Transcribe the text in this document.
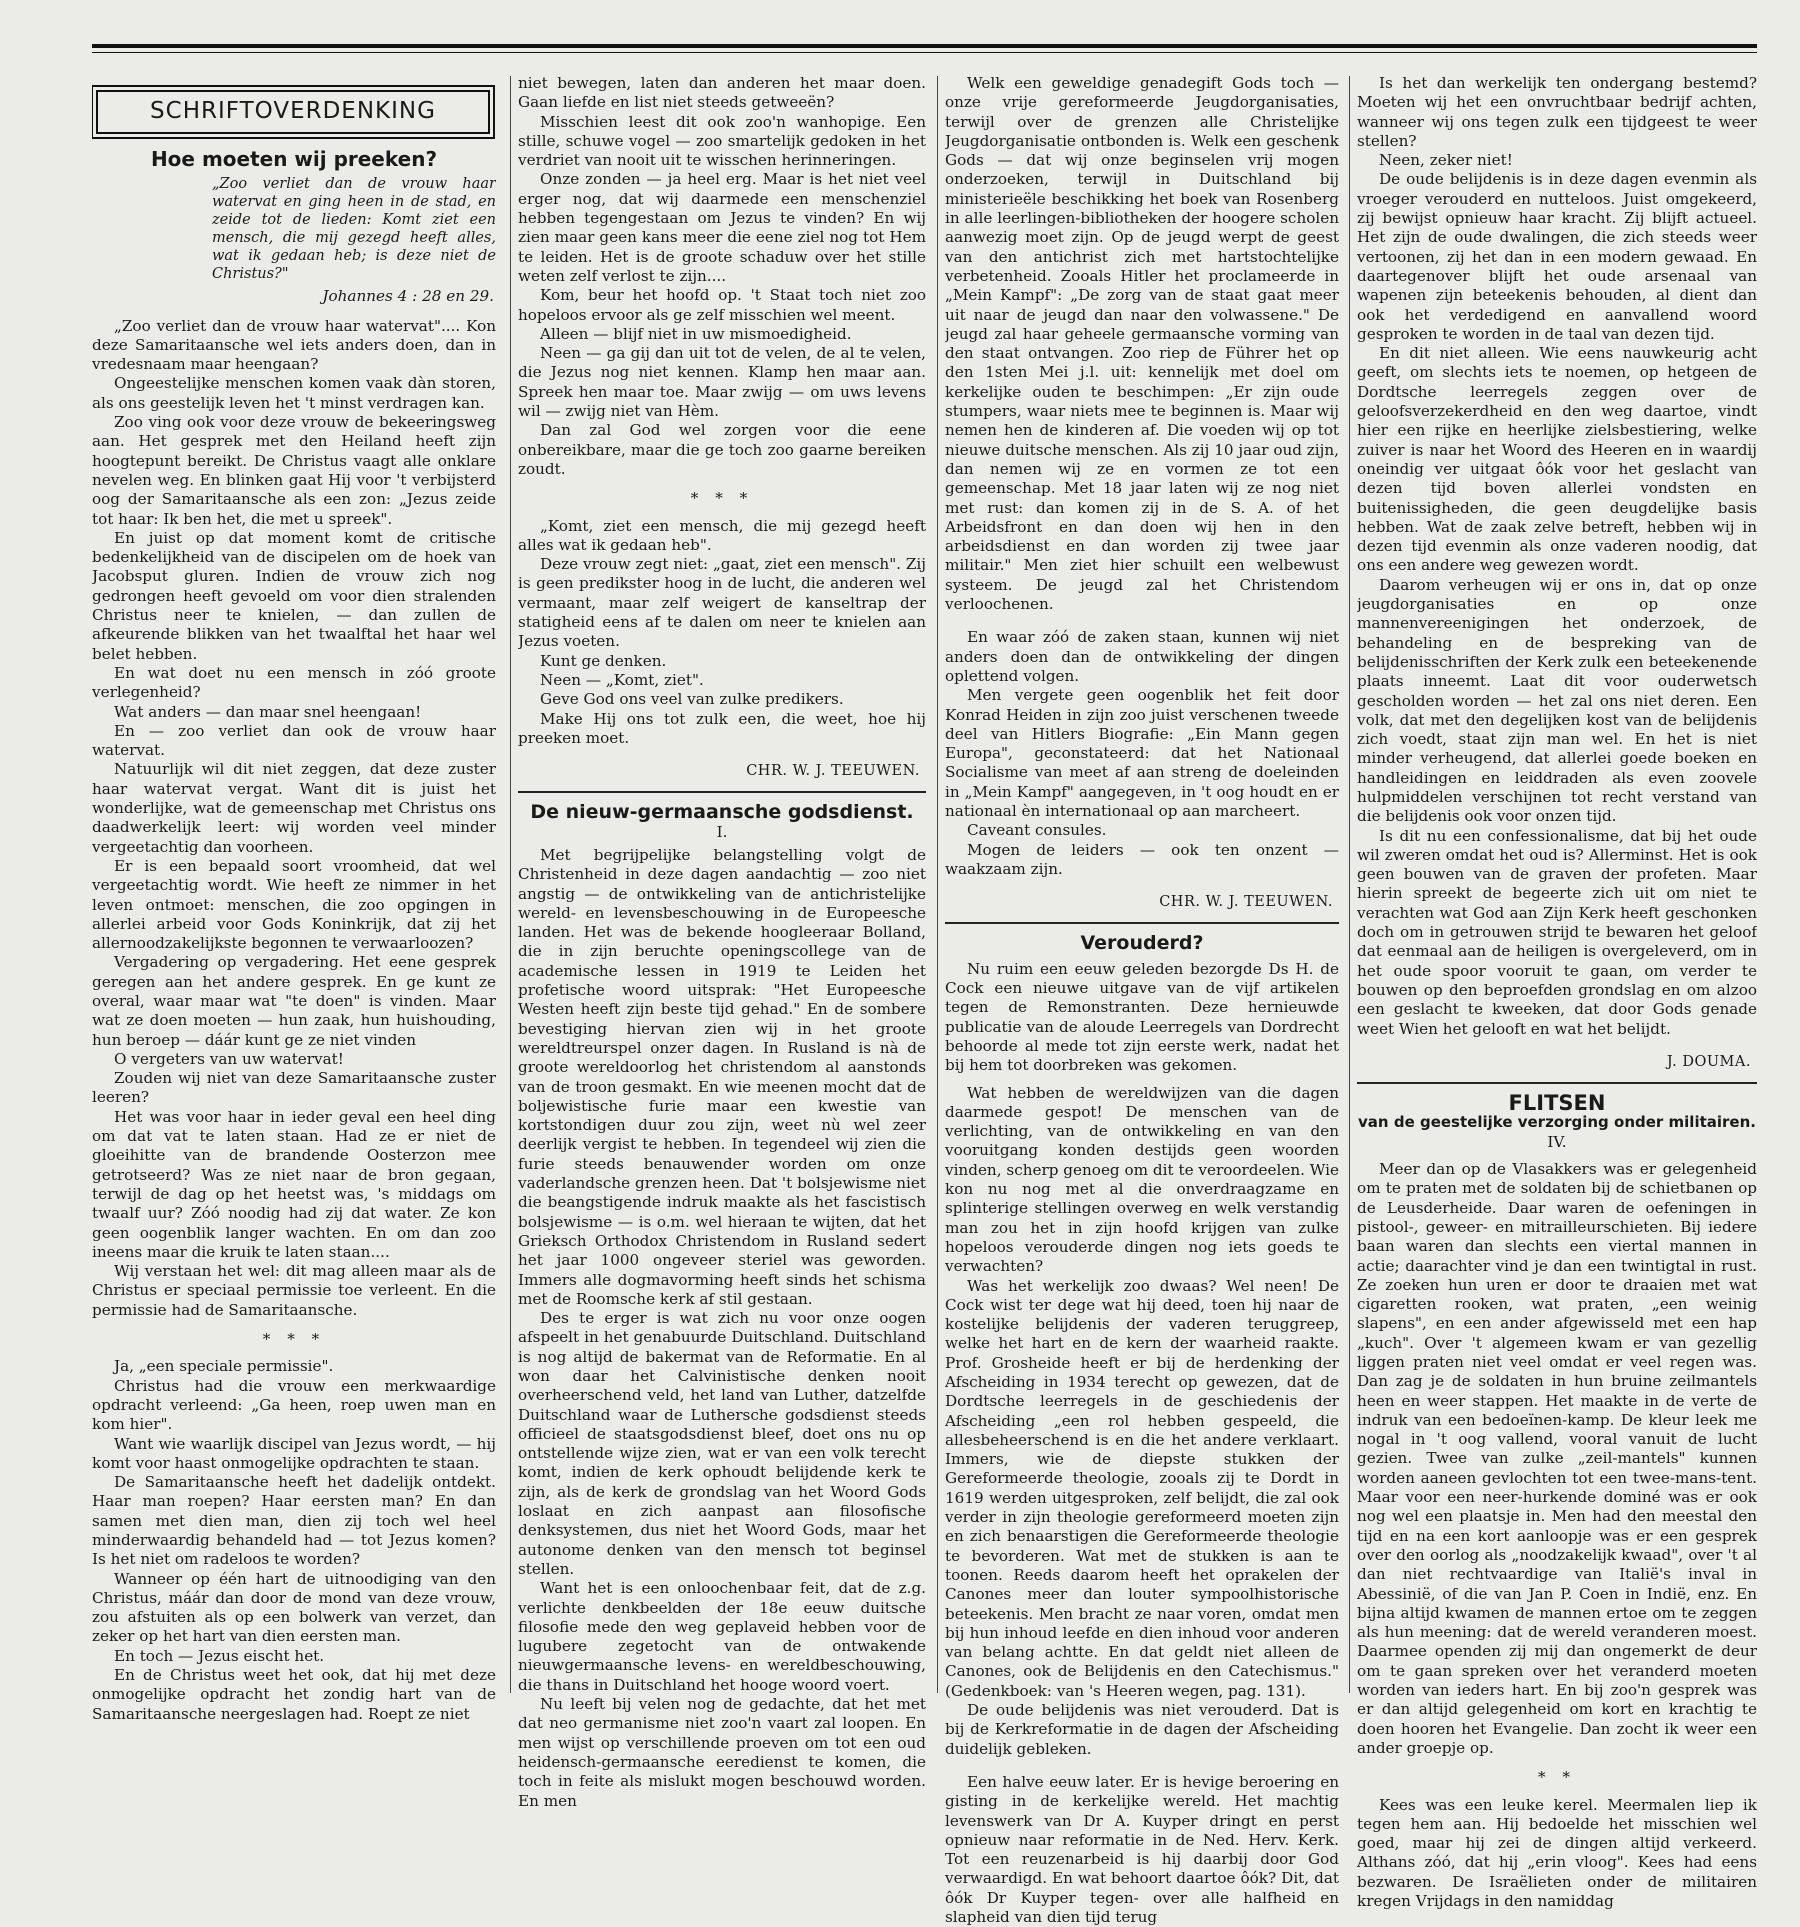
SCHRIFTOVERDENKING
Hoe moeten wij preeken?
„Zoo verliet dan de vrouw haar watervat en ging heen in de stad, en zeide tot de lieden: Komt ziet een mensch, die mij gezegd heeft alles, wat ik gedaan heb; is deze niet de Christus?"
Johannes 4 : 28 en 29.

„Zoo verliet dan de vrouw haar watervat".... Kon deze Samaritaansche wel iets anders doen, dan in vredesnaam maar heengaan?

Ongeestelijke menschen komen vaak dàn storen, als ons geestelijk leven het 't minst verdragen kan.

Zoo ving ook voor deze vrouw de bekeeringsweg aan. Het gesprek met den Heiland heeft zijn hoogtepunt bereikt. De Christus vaagt alle onklare nevelen weg. En blinken gaat Hij voor 't verbijsterd oog der Samaritaansche als een zon: „Jezus zeide tot haar: Ik ben het, die met u spreek".

En juist op dat moment komt de critische bedenkelijkheid van de discipelen om de hoek van Jacobsput gluren. Indien de vrouw zich nog gedrongen heeft gevoeld om voor dien stralenden Christus neer te knielen, — dan zullen de afkeurende blikken van het twaalftal het haar wel belet hebben.

En wat doet nu een mensch in zóó groote verlegenheid?

Wat anders — dan maar snel heengaan!

En — zoo verliet dan ook de vrouw haar watervat.

Natuurlijk wil dit niet zeggen, dat deze zuster haar watervat vergat. Want dit is juist het wonderlijke, wat de gemeenschap met Christus ons daadwerkelijk leert: wij worden veel minder vergeetachtig dan voorheen.

Er is een bepaald soort vroomheid, dat wel vergeetachtig wordt. Wie heeft ze nimmer in het leven ontmoet: menschen, die zoo opgingen in allerlei arbeid voor Gods Koninkrijk, dat zij het allernoodzakelijkste begonnen te verwaarloozen?

Vergadering op vergadering. Het eene gesprek geregen aan het andere gesprek. En ge kunt ze overal, waar maar wat "te doen" is vinden. Maar wat ze doen moeten — hun zaak, hun huishouding, hun beroep — dáár kunt ge ze niet vinden

O vergeters van uw watervat!

Zouden wij niet van deze Samaritaansche zuster leeren?

Het was voor haar in ieder geval een heel ding om dat vat te laten staan. Had ze er niet de gloeihitte van de brandende Oosterzon mee getrotseerd? Was ze niet naar de bron gegaan, terwijl de dag op het heetst was, 's middags om twaalf uur? Zóó noodig had zij dat water. Ze kon geen oogenblik langer wachten. En om dan zoo ineens maar die kruik te laten staan....

Wij verstaan het wel: dit mag alleen maar als de Christus er speciaal permissie toe verleent. En die permissie had de Samaritaansche.

* * *

Ja, „een speciale permissie".

Christus had die vrouw een merkwaardige opdracht verleend: „Ga heen, roep uwen man en kom hier".

Want wie waarlijk discipel van Jezus wordt, — hij komt voor haast onmogelijke opdrachten te staan.

De Samaritaansche heeft het dadelijk ontdekt. Haar man roepen? Haar eersten man? En dan samen met dien man, dien zij toch wel heel minderwaardig behandeld had — tot Jezus komen? Is het niet om radeloos te worden?

Wanneer op één hart de uitnoodiging van den Christus, máár dan door de mond van deze vrouw, zou afstuiten als op een bolwerk van verzet, dan zeker op het hart van dien eersten man.

En toch — Jezus eischt het.

En de Christus weet het ook, dat hij met deze onmogelijke opdracht het zondig hart van de Samaritaansche neergeslagen had. Roept ze niet

niet bewegen, laten dan anderen het maar doen. Gaan liefde en list niet steeds getweeën?

Misschien leest dit ook zoo'n wanhopige. Een stille, schuwe vogel — zoo smartelijk gedoken in het verdriet van nooit uit te wisschen herinneringen.

Onze zonden — ja heel erg. Maar is het niet veel erger nog, dat wij daarmede een menschenziel hebben tegengestaan om Jezus te vinden? En wij zien maar geen kans meer die eene ziel nog tot Hem te leiden. Het is de groote schaduw over het stille weten zelf verlost te zijn....

Kom, beur het hoofd op. 't Staat toch niet zoo hopeloos ervoor als ge zelf misschien wel meent.

Alleen — blijf niet in uw mismoedigheid.

Neen — ga gij dan uit tot de velen, de al te velen, die Jezus nog niet kennen. Klamp hen maar aan. Spreek hen maar toe. Maar zwijg — om uws levens wil — zwijg niet van Hèm.

Dan zal God wel zorgen voor die eene onbereikbare, maar die ge toch zoo gaarne bereiken zoudt.

* * *

„Komt, ziet een mensch, die mij gezegd heeft alles wat ik gedaan heb".

Deze vrouw zegt niet: „gaat, ziet een mensch". Zij is geen predikster hoog in de lucht, die anderen wel vermaant, maar zelf weigert de kanseltrap der statigheid eens af te dalen om neer te knielen aan Jezus voeten.

Kunt ge denken.

Neen — „Komt, ziet".

Geve God ons veel van zulke predikers.

Make Hij ons tot zulk een, die weet, hoe hij preeken moet.

CHR. W. J. TEEUWEN.
De nieuw-germaansche godsdienst.
I.

Met begrijpelijke belangstelling volgt de Christenheid in deze dagen aandachtig — zoo niet angstig — de ontwikkeling van de antichristelijke wereld- en levensbeschouwing in de Europeesche landen. Het was de bekende hoogleeraar Bolland, die in zijn beruchte openingscollege van de academische lessen in 1919 te Leiden het profetische woord uitsprak: "Het Europeesche Westen heeft zijn beste tijd gehad." En de sombere bevestiging hiervan zien wij in het groote wereldtreurspel onzer dagen. In Rusland is nà de groote wereldoorlog het christendom al aanstonds van de troon gesmakt. En wie meenen mocht dat de boljewistische furie maar een kwestie van kortstondigen duur zou zijn, weet nù wel zeer deerlijk vergist te hebben. In tegendeel wij zien die furie steeds benauwender worden om onze vaderlandsche grenzen heen. Dat 't bolsjewisme niet die beangstigende indruk maakte als het fascistisch bolsjewisme — is o.m. wel hieraan te wijten, dat het Grieksch Orthodox Christendom in Rusland sedert het jaar 1000 ongeveer steriel was geworden. Immers alle dogmavorming heeft sinds het schisma met de Roomsche kerk af stil gestaan.

Des te erger is wat zich nu voor onze oogen afspeelt in het genabuurde Duitschland. Duitschland is nog altijd de bakermat van de Reformatie. En al won daar het Calvinistische denken nooit overheerschend veld, het land van Luther, datzelfde Duitschland waar de Luthersche godsdienst steeds officieel de staatsgodsdienst bleef, doet ons nu op ontstellende wijze zien, wat er van een volk terecht komt, indien de kerk ophoudt belijdende kerk te zijn, als de kerk de grondslag van het Woord Gods loslaat en zich aanpast aan filosofische denksystemen, dus niet het Woord Gods, maar het autonome denken van den mensch tot beginsel stellen.

Want het is een onloochenbaar feit, dat de z.g. verlichte denkbeelden der 18e eeuw duitsche filosofie mede den weg geplaveid hebben voor de lugubere zegetocht van de ontwakende nieuwgermaansche levens- en wereldbeschouwing, die thans in Duitschland het hooge woord voert.

Nu leeft bij velen nog de gedachte, dat het met dat neo germanisme niet zoo'n vaart zal loopen. En men wijst op verschillende proeven om tot een oud heidensch-germaansche eeredienst te komen, die toch in feite als mislukt mogen beschouwd worden. En men

Welk een geweldige genadegift Gods toch — onze vrije gereformeerde Jeugdorganisaties, terwijl over de grenzen alle Christelijke Jeugdorganisatie ontbonden is. Welk een geschenk Gods — dat wij onze beginselen vrij mogen onderzoeken, terwijl in Duitschland bij ministerieële beschikking het boek van Rosenberg in alle leerlingen-bibliotheken der hoogere scholen aanwezig moet zijn. Op de jeugd werpt de geest van den antichrist zich met hartstochtelijke verbetenheid. Zooals Hitler het proclameerde in „Mein Kampf": „De zorg van de staat gaat meer uit naar de jeugd dan naar den volwassene." De jeugd zal haar geheele germaansche vorming van den staat ontvangen. Zoo riep de Führer het op den 1sten Mei j.l. uit: kennelijk met doel om kerkelijke ouden te beschimpen: „Er zijn oude stumpers, waar niets mee te beginnen is. Maar wij nemen hen de kinderen af. Die voeden wij op tot nieuwe duitsche menschen. Als zij 10 jaar oud zijn, dan nemen wij ze en vormen ze tot een gemeenschap. Met 18 jaar laten wij ze nog niet met rust: dan komen zij in de S. A. of het Arbeidsfront en dan doen wij hen in den arbeidsdienst en dan worden zij twee jaar militair." Men ziet hier schuilt een welbewust systeem. De jeugd zal het Christendom verloochenen.

En waar zóó de zaken staan, kunnen wij niet anders doen dan de ontwikkeling der dingen oplettend volgen.

Men vergete geen oogenblik het feit door Konrad Heiden in zijn zoo juist verschenen tweede deel van Hitlers Biografie: „Ein Mann gegen Europa", geconstateerd: dat het Nationaal Socialisme van meet af aan streng de doeleinden in „Mein Kampf" aangegeven, in 't oog houdt en er nationaal èn internationaal op aan marcheert.

Caveant consules.

Mogen de leiders — ook ten onzent — waakzaam zijn.

CHR. W. J. TEEUWEN.
Verouderd?

Nu ruim een eeuw geleden bezorgde Ds H. de Cock een nieuwe uitgave van de vijf artikelen tegen de Remonstranten. Deze hernieuwde publicatie van de aloude Leerregels van Dordrecht behoorde al mede tot zijn eerste werk, nadat het bij hem tot doorbreken was gekomen.

Wat hebben de wereldwijzen van die dagen daarmede gespot! De menschen van de verlichting, van de ontwikkeling en van den vooruitgang konden destijds geen woorden vinden, scherp genoeg om dit te veroordeelen. Wie kon nu nog met al die onverdraagzame en splinterige stellingen overweg en welk verstandig man zou het in zijn hoofd krijgen van zulke hopeloos verouderde dingen nog iets goeds te verwachten?

Was het werkelijk zoo dwaas? Wel neen! De Cock wist ter dege wat hij deed, toen hij naar de kostelijke belijdenis der vaderen teruggreep, welke het hart en de kern der waarheid raakte. Prof. Grosheide heeft er bij de herdenking der Afscheiding in 1934 terecht op gewezen, dat de Dordtsche leerregels in de geschiedenis der Afscheiding „een rol hebben gespeeld, die allesbeheerschend is en die het andere verklaart. Immers, wie de diepste stukken der Gereformeerde theologie, zooals zij te Dordt in 1619 werden uitgesproken, zelf belijdt, die zal ook verder in zijn theologie gereformeerd moeten zijn en zich benaarstigen die Gereformeerde theologie te bevorderen. Wat met de stukken is aan te toonen. Reeds daarom heeft het oprakelen der Canones meer dan louter sympoolhistorische beteekenis. Men bracht ze naar voren, omdat men bij hun inhoud leefde en dien inhoud voor anderen van belang achtte. En dat geldt niet alleen de Canones, ook de Belijdenis en den Catechismus." (Gedenkboek: van 's Heeren wegen, pag. 131).

De oude belijdenis was niet verouderd. Dat is bij de Kerkreformatie in de dagen der Afscheiding duidelijk gebleken.

Een halve eeuw later. Er is hevige beroering en gisting in de kerkelijke wereld. Het machtig levenswerk van Dr A. Kuyper dringt en perst opnieuw naar reformatie in de Ned. Herv. Kerk. Tot een reuzenarbeid is hij daarbij door God verwaardigd. En wat behoort daartoe ôók? Dit, dat ôók Dr Kuyper tegen- over alle halfheid en slapheid van dien tijd terug

Is het dan werkelijk ten ondergang bestemd? Moeten wij het een onvruchtbaar bedrijf achten, wanneer wij ons tegen zulk een tijdgeest te weer stellen?

Neen, zeker niet!

De oude belijdenis is in deze dagen evenmin als vroeger verouderd en nutteloos. Juist omgekeerd, zij bewijst opnieuw haar kracht. Zij blijft actueel. Het zijn de oude dwalingen, die zich steeds weer vertoonen, zij het dan in een modern gewaad. En daartegenover blijft het oude arsenaal van wapenen zijn beteekenis behouden, al dient dan ook het verdedigend en aanvallend woord gesproken te worden in de taal van dezen tijd.

En dit niet alleen. Wie eens nauwkeurig acht geeft, om slechts iets te noemen, op hetgeen de Dordtsche leerregels zeggen over de geloofsverzekerdheid en den weg daartoe, vindt hier een rijke en heerlijke zielsbestiering, welke zuiver is naar het Woord des Heeren en in waardij oneindig ver uitgaat ôók voor het geslacht van dezen tijd boven allerlei vondsten en buitenissigheden, die geen deugdelijke basis hebben. Wat de zaak zelve betreft, hebben wij in dezen tijd evenmin als onze vaderen noodig, dat ons een andere weg gewezen wordt.

Daarom verheugen wij er ons in, dat op onze jeugdorganisaties en op onze mannenvereenigingen het onderzoek, de behandeling en de bespreking van de belijdenisschriften der Kerk zulk een beteekenende plaats inneemt. Laat dit voor ouderwetsch gescholden worden — het zal ons niet deren. Een volk, dat met den degelijken kost van de belijdenis zich voedt, staat zijn man wel. En het is niet minder verheugend, dat allerlei goede boeken en handleidingen en leiddraden als even zoovele hulpmiddelen verschijnen tot recht verstand van die belijdenis ook voor onzen tijd.

Is dit nu een confessionalisme, dat bij het oude wil zweren omdat het oud is? Allerminst. Het is ook geen bouwen van de graven der profeten. Maar hierin spreekt de begeerte zich uit om niet te verachten wat God aan Zijn Kerk heeft geschonken doch om in getrouwen strijd te bewaren het geloof dat eenmaal aan de heiligen is overgeleverd, om in het oude spoor vooruit te gaan, om verder te bouwen op den beproefden grondslag en om alzoo een geslacht te kweeken, dat door Gods genade weet Wien het gelooft en wat het belijdt.

J. DOUMA.
FLITSEN
van de geestelijke verzorging onder militairen.
IV.

Meer dan op de Vlasakkers was er gelegenheid om te praten met de soldaten bij de schietbanen op de Leusderheide. Daar waren de oefeningen in pistool-, geweer- en mitrailleurschieten. Bij iedere baan waren dan slechts een viertal mannen in actie; daarachter vind je dan een twintigtal in rust. Ze zoeken hun uren er door te draaien met wat cigaretten rooken, wat praten, „een weinig slapens", en een ander afgewisseld met een hap „kuch". Over 't algemeen kwam er van gezellig liggen praten niet veel omdat er veel regen was. Dan zag je de soldaten in hun bruine zeilmantels heen en weer stappen. Het maakte in de verte de indruk van een bedoeïnen-kamp. De kleur leek me nogal in 't oog vallend, vooral vanuit de lucht gezien. Twee van zulke „zeil-mantels" kunnen worden aaneen gevlochten tot een twee-mans-tent. Maar voor een neer-hurkende dominé was er ook nog wel een plaatsje in. Men had den meestal den tijd en na een kort aanloopje was er een gesprek over den oorlog als „noodzakelijk kwaad", over 't al dan niet rechtvaardige van Italië's inval in Abessinië, of die van Jan P. Coen in Indië, enz. En bijna altijd kwamen de mannen ertoe om te zeggen als hun meening: dat de wereld veranderen moest. Daarmee openden zij mij dan ongemerkt de deur om te gaan spreken over het veranderd moeten worden van ieders hart. En bij zoo'n gesprek was er dan altijd gelegenheid om kort en krachtig te doen hooren het Evangelie. Dan zocht ik weer een ander groepje op.

* *

Kees was een leuke kerel. Meermalen liep ik tegen hem aan. Hij bedoelde het misschien wel goed, maar hij zei de dingen altijd verkeerd. Althans zóó, dat hij „erin vloog". Kees had eens bezwaren. De Israëlieten onder de militairen kregen Vrijdags in den namiddag
